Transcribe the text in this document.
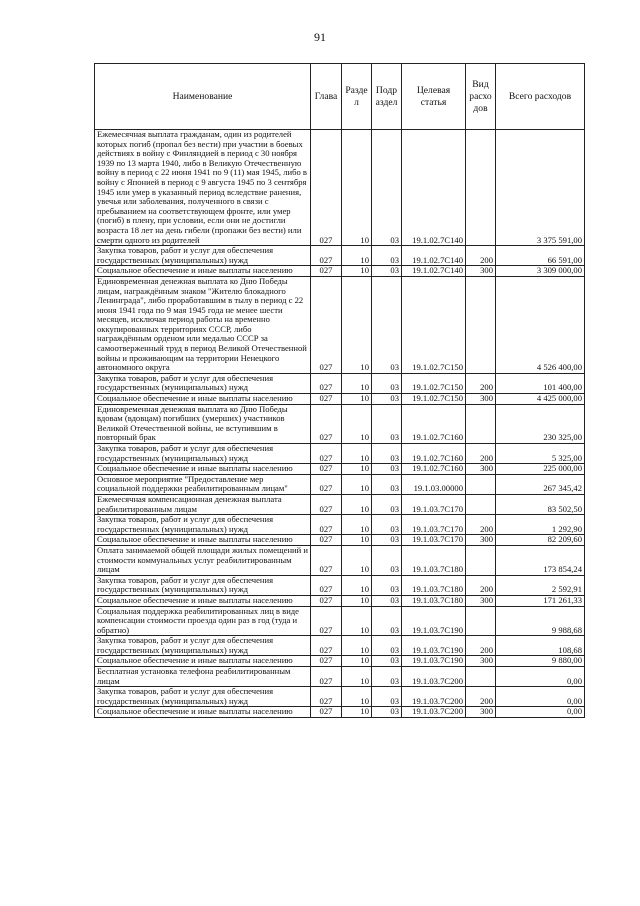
91
Наименование	Глава	Разде л	Подр аздел	Целевая статья	Вид расхо дов	Всего расходов
Ежемесячная выплата гражданам, один из родителей которых погиб (пропал без вести) при участии в боевых действиях в войну с Финляндией в период с 30 ноября 1939 по 13 марта 1940, либо в Великую Отечественную войну в период с 22 июня 1941 по 9 (11) мая 1945, либо в войну с Японией в период с 9 августа 1945 по 3 сентября 1945 или умер в указанный период вследствие ранения, увечья или заболевания, полученного в связи с пребыванием на соответствующем фронте, или умер (погиб) в плену, при условии, если они не достигли возраста 18 лет на день гибели (пропажи без вести) или смерти одного из родителей	027	10	03	19.1.02.7С140		3 375 591,00
Закупка товаров, работ и услуг для обеспечения государственных (муниципальных) нужд	027	10	03	19.1.02.7С140	200	66 591,00
Социальное обеспечение и иные выплаты населению	027	10	03	19.1.02.7С140	300	3 309 000,00
Единовременная денежная выплата ко Дню Победы лицам, награждённым знаком "Жителю блокадного Ленинграда", либо проработавшим в тылу в период с 22 июня 1941 года по 9 мая 1945 года не менее шести месяцев, исключая период работы на временно оккупированных территориях СССР, либо награждённым орденом или медалью СССР за самоотверженный труд в период Великой Отечественной войны и проживающим на территории Ненецкого автономного округа	027	10	03	19.1.02.7С150		4 526 400,00
Закупка товаров, работ и услуг для обеспечения государственных (муниципальных) нужд	027	10	03	19.1.02.7С150	200	101 400,00
Социальное обеспечение и иные выплаты населению	027	10	03	19.1.02.7С150	300	4 425 000,00
Единовременная денежная выплата ко Дню Победы вдовам (вдовцам) погибших (умерших) участников Великой Отечественной войны, не вступившим в повторный брак	027	10	03	19.1.02.7С160		230 325,00
Закупка товаров, работ и услуг для обеспечения государственных (муниципальных) нужд	027	10	03	19.1.02.7С160	200	5 325,00
Социальное обеспечение и иные выплаты населению	027	10	03	19.1.02.7С160	300	225 000,00
Основное мероприятие "Предоставление мер социальной поддержки реабилитированным лицам"	027	10	03	19.1.03.00000		267 345,42
Ежемесячная компенсационная денежная выплата реабилитированным лицам	027	10	03	19.1.03.7С170		83 502,50
Закупка товаров, работ и услуг для обеспечения государственных (муниципальных) нужд	027	10	03	19.1.03.7С170	200	1 292,90
Социальное обеспечение и иные выплаты населению	027	10	03	19.1.03.7С170	300	82 209,60
Оплата занимаемой общей площади жилых помещений и стоимости коммунальных услуг реабилитированным лицам	027	10	03	19.1.03.7С180		173 854,24
Закупка товаров, работ и услуг для обеспечения государственных (муниципальных) нужд	027	10	03	19.1.03.7С180	200	2 592,91
Социальное обеспечение и иные выплаты населению	027	10	03	19.1.03.7С180	300	171 261,33
Социальная поддержка реабилитированных лиц в виде компенсации стоимости проезда один раз в год (туда и обратно)	027	10	03	19.1.03.7С190		9 988,68
Закупка товаров, работ и услуг для обеспечения государственных (муниципальных) нужд	027	10	03	19.1.03.7С190	200	108,68
Социальное обеспечение и иные выплаты населению	027	10	03	19.1.03.7С190	300	9 880,00
Бесплатная установка телефона реабилитированным лицам	027	10	03	19.1.03.7С200		0,00
Закупка товаров, работ и услуг для обеспечения государственных (муниципальных) нужд	027	10	03	19.1.03.7С200	200	0,00
Социальное обеспечение и иные выплаты населению	027	10	03	19.1.03.7С200	300	0,00
